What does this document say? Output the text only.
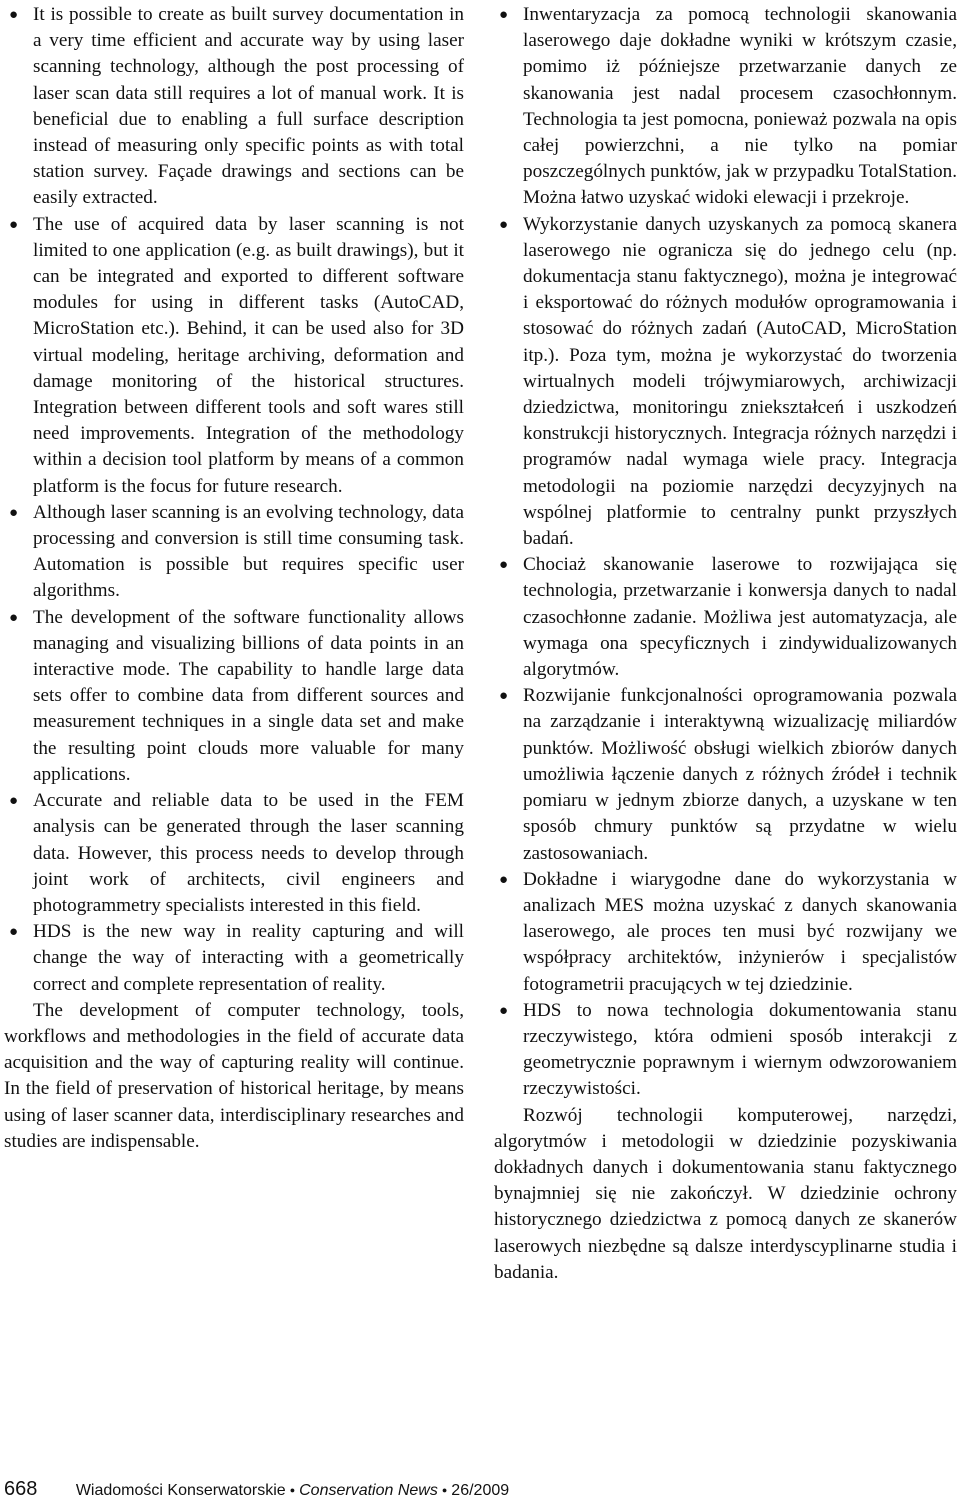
● It is possible to create as built survey documentation in a very time efficient and accurate way by using laser scanning technology, although the post processing of laser scan data still requires a lot of manual work. It is beneficial due to enabling a full surface description instead of measuring only specific points as with total station survey. Façade drawings and sections can be easily extracted.
● The use of acquired data by laser scanning is not limited to one application (e.g. as built drawings), but it can be integrated and exported to different software modules for using in different tasks (AutoCAD, MicroStation etc.). Behind, it can be used also for 3D virtual modeling, heritage archiving, deformation and damage monitoring of the historical structures. Integration between different tools and soft wares still need improvements. Integration of the methodology within a decision tool platform by means of a common platform is the focus for future research.
● Although laser scanning is an evolving technology, data processing and conversion is still time consuming task. Automation is possible but requires specific user algorithms.
● The development of the software functionality allows managing and visualizing billions of data points in an interactive mode. The capability to handle large data sets offer to combine data from different sources and measurement techniques in a single data set and make the resulting point clouds more valuable for many applications.
● Accurate and reliable data to be used in the FEM analysis can be generated through the laser scanning data. However, this process needs to develop through joint work of architects, civil engineers and photogrammetry specialists interested in this field.
● HDS is the new way in reality capturing and will change the way of interacting with a geometrically correct and complete representation of reality.

The development of computer technology, tools, workflows and methodologies in the field of accurate data acquisition and the way of capturing reality will continue. In the field of preservation of historical heritage, by means using of laser scanner data, interdisciplinary researches and studies are indispensable.

● Inwentaryzacja za pomocą technologii skanowania laserowego daje dokładne wyniki w krótszym czasie, pomimo iż późniejsze przetwarzanie danych ze skanowania jest nadal procesem czasochłonnym. Technologia ta jest pomocna, ponieważ pozwala na opis całej powierzchni, a nie tylko na pomiar poszczególnych punktów, jak w przypadku TotalStation. Można łatwo uzyskać widoki elewacji i przekroje.
● Wykorzystanie danych uzyskanych za pomocą skanera laserowego nie ogranicza się do jednego celu (np. dokumentacja stanu faktycznego), można je integrować i eksportować do różnych modułów oprogramowania i stosować do różnych zadań (AutoCAD, MicroStation itp.). Poza tym, można je wykorzystać do tworzenia wirtualnych modeli trójwymiarowych, archiwizacji dziedzictwa, monitoringu zniekształceń i uszkodzeń konstrukcji historycznych. Integracja różnych narzędzi i programów nadal wymaga wiele pracy. Integracja metodologii na poziomie narzędzi decyzyjnych na wspólnej platformie to centralny punkt przyszłych badań.
● Chociaż skanowanie laserowe to rozwijająca się technologia, przetwarzanie i konwersja danych to nadal czasochłonne zadanie. Możliwa jest automatyzacja, ale wymaga ona specyficznych i zindywidualizowanych algorytmów.
● Rozwijanie funkcjonalności oprogramowania pozwala na zarządzanie i interaktywną wizualizację miliardów punktów. Możliwość obsługi wielkich zbiorów danych umożliwia łączenie danych z różnych źródeł i technik pomiaru w jednym zbiorze danych, a uzyskane w ten sposób chmury punktów są przydatne w wielu zastosowaniach.
● Dokładne i wiarygodne dane do wykorzystania w analizach MES można uzyskać z danych skanowania laserowego, ale proces ten musi być rozwijany we współpracy architektów, inżynierów i specjalistów fotogrametrii pracujących w tej dziedzinie.
● HDS to nowa technologia dokumentowania stanu rzeczywistego, która odmieni sposób interakcji z geometrycznie poprawnym i wiernym odwzorowaniem rzeczywistości.

Rozwój technologii komputerowej, narzędzi, algorytmów i metodologii w dziedzinie pozyskiwania dokładnych danych i dokumentowania stanu faktycznego bynajmniej się nie zakończył. W dziedzinie ochrony historycznego dziedzictwa z pomocą danych ze skanerów laserowych niezbędne są dalsze interdyscyplinarne studia i badania.

668 Wiadomości Konserwatorskie ● Conservation News ● 26/2009
